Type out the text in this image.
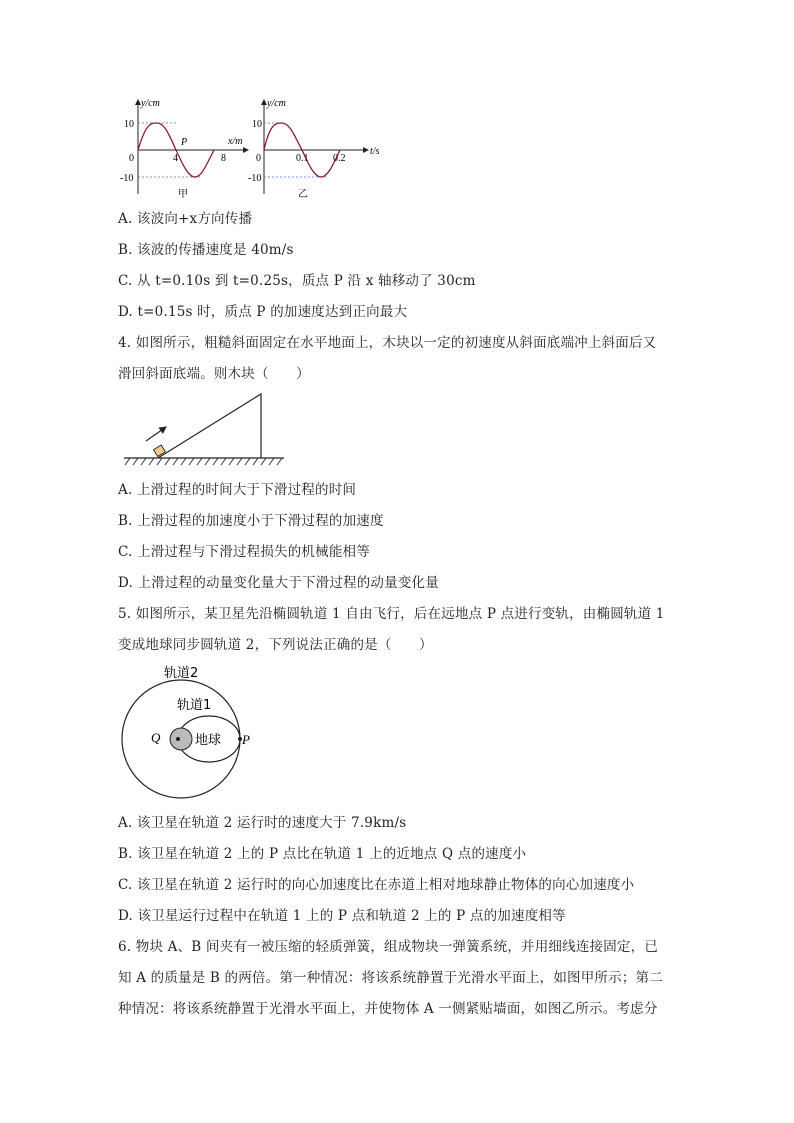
y/cm
x/m
10
-10
0	4	8
P
甲
y/cm
t/s
10
-10
0	0.1 0.2
乙
A. 该波向+x方向传播
B. 该波的传播速度是 40m/s
C. 从 t=0.10s 到 t=0.25s，质点 P 沿 x 轴移动了 30cm
D. t=0.15s 时，质点 P 的加速度达到正向最大
4. 如图所示，粗糙斜面固定在水平地面上，木块以一定的初速度从斜面底端冲上斜面后又
滑回斜面底端。则木块（　　）
A. 上滑过程的时间大于下滑过程的时间
B. 上滑过程的加速度小于下滑过程的加速度
C. 上滑过程与下滑过程损失的机械能相等
D. 上滑过程的动量变化量大于下滑过程的动量变化量
5. 如图所示，某卫星先沿椭圆轨道 1 自由飞行，后在远地点 P 点进行变轨，由椭圆轨道 1
变成地球同步圆轨道 2，下列说法正确的是（　　）
轨道2
轨道1
地球
Q	P
A. 该卫星在轨道 2 运行时的速度大于 7.9km/s
B. 该卫星在轨道 2 上的 P 点比在轨道 1 上的近地点 Q 点的速度小
C. 该卫星在轨道 2 运行时的向心加速度比在赤道上相对地球静止物体的向心加速度小
D. 该卫星运行过程中在轨道 1 上的 P 点和轨道 2 上的 P 点的加速度相等
6. 物块 A、B 间夹有一被压缩的轻质弹簧，组成物块一弹簧系统，并用细线连接固定，已
知 A 的质量是 B 的两倍。第一种情况：将该系统静置于光滑水平面上，如图甲所示；第二
种情况：将该系统静置于光滑水平面上，并使物体 A 一侧紧贴墙面，如图乙所示。考虑分
